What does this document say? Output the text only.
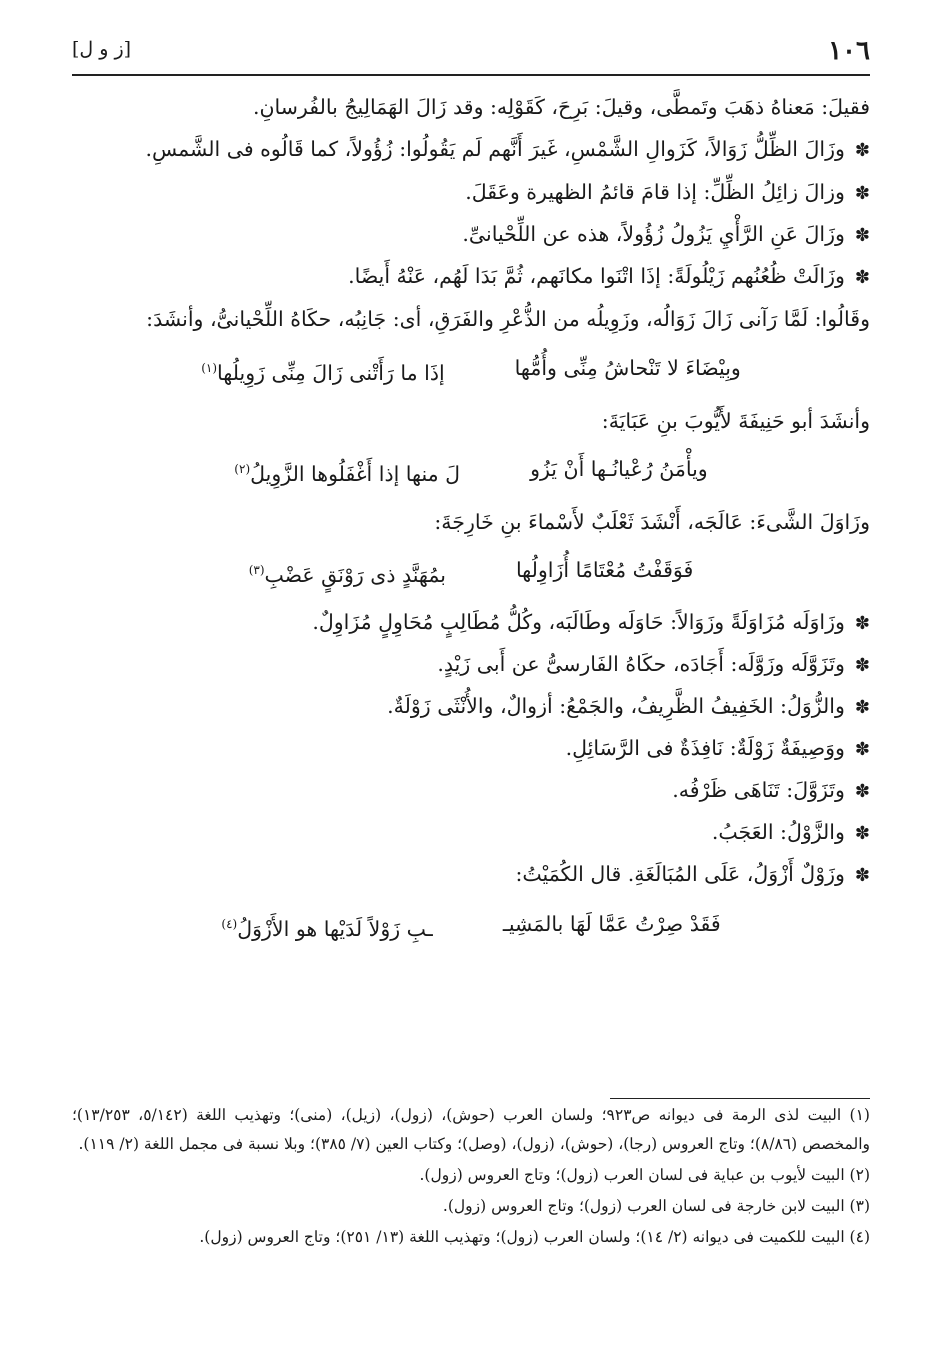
١٠٦
[ز و ل]

فقيلَ: مَعناهُ ذهَبَ وتَمطَّى، وقيلَ: بَرِحَ، كَقَوْلِه: وقد زَالَ الهَمَالِيجُ بالفُرسانِ.

✽وزَالَ الظِّلُّ زَوَالاً، كَزَوالِ الشَّمْسِ، غَيرَ أَنَّهم لَم يَقُولُوا: زُؤُولاً، كما قَالُوه فى الشَّمسِ.

✽وزالَ زائِلُ الظِّلِّ: إذا قامَ قائمُ الظهيرة وعَقَلَ.

✽وزَالَ عَنِ الرَّأْيِ يَزُولُ زُؤُولاً، هذه عن اللِّحْيانىِّ.

✽وزَالَتْ ظُعُنُهم زَيْلُولَةً: إذَا اتْنَوا مكانَهم، ثُمَّ بَدَا لَهُم، عَنْهُ أَيضًا.

وقَالُوا: لَمَّا رَآنى زَالَ زَوَالُه، وزَوِيلُه من الذُّعْرِ والفَرَقِ، أى: جَانِبُه، حكَاهُ اللِّحْيانىُّ، وأنشَدَ:

وبِيْضَاءَ لا تَنْحاشُ مِنِّى وأُمُّها
إذَا ما رَأَتْنى زَالَ مِنِّى زَوِيلُها$^{(١)}$

وأنشَدَ أبو حَنِيفَةَ لأَيُّوبَ بنِ عَبَايَةَ:

ويأْمَنُ رُعْيانُـها أَنْ يَزُو
لَ منها إذا أَغْفَلُوها الزَّوِيلُ$^{(٢)}$

وزَاوَلَ الشَّىءَ: عَالَجَه، أَنْشَدَ ثَعْلَبٌ لأَسْماءَ بنِ خَارِجَةَ:

فَوَقَفْتُ مُعْتَامًا أُزَاوِلُها
بمُهَنَّدٍ ذى رَوْنَقٍ عَضْبِ$^{(٣)}$

✽وزَاوَلَه مُزَاوَلَةً وزَوَالاً: حَاوَلَه وطَالَبَه، وكُلُّ مُطَالِبٍ مُحَاوِلٍ مُزَاوِلٌ.

✽وتَزَوَّلَه وزَوَّلَه: أَجَادَه، حكَاهُ الفَارسىُّ عن أَبى زَيْدٍ.

✽والزُّوَلُ: الخَفِيفُ الظَّرِيفُ، والجَمْعُ: أزوالٌ، والأُنْثَى زَوْلَةٌ.

✽ووَصِيفَةٌ زَوْلَةٌ: نَافِذَةٌ فى الرَّسَائِلِ.

✽وتَزَوَّلَ: تَنَاهَى ظَرْفُه.

✽والزَّوْلُ: العَجَبُ.

✽وزَوْلٌ أَزْوَلُ، عَلَى المُبَالَغَةِ. قال الكُمَيْتُ:

فَقَدْ صِرْتُ عَمَّا لَهَا بالمَشِيـ
ـبِ زَوْلاً لَدَيْها هو الأَزْوَلُ$^{(٤)}$

(١) البيت لذى الرمة فى ديوانه ص٩٢٣؛ ولسان العرب (حوش)، (زول)، (زيل)، (منى)؛ وتهذيب اللغة (٥/١٤٢، ١٣/٢٥٣)؛ والمخصص (٨/٨٦)؛ وتاج العروس (رجا)، (حوش)، (زول)، (وصل)؛ وكتاب العين (٧/ ٣٨٥)؛ وبلا نسبة فى مجمل اللغة (٢/ ١١٩).

(٢) البيت لأيوب بن عباية فى لسان العرب (زول)؛ وتاج العروس (زول).

(٣) البيت لابن خارجة فى لسان العرب (زول)؛ وتاج العروس (زول).

(٤) البيت للكميت فى ديوانه (٢/ ١٤)؛ ولسان العرب (زول)؛ وتهذيب اللغة (١٣/ ٢٥١)؛ وتاج العروس (زول).
